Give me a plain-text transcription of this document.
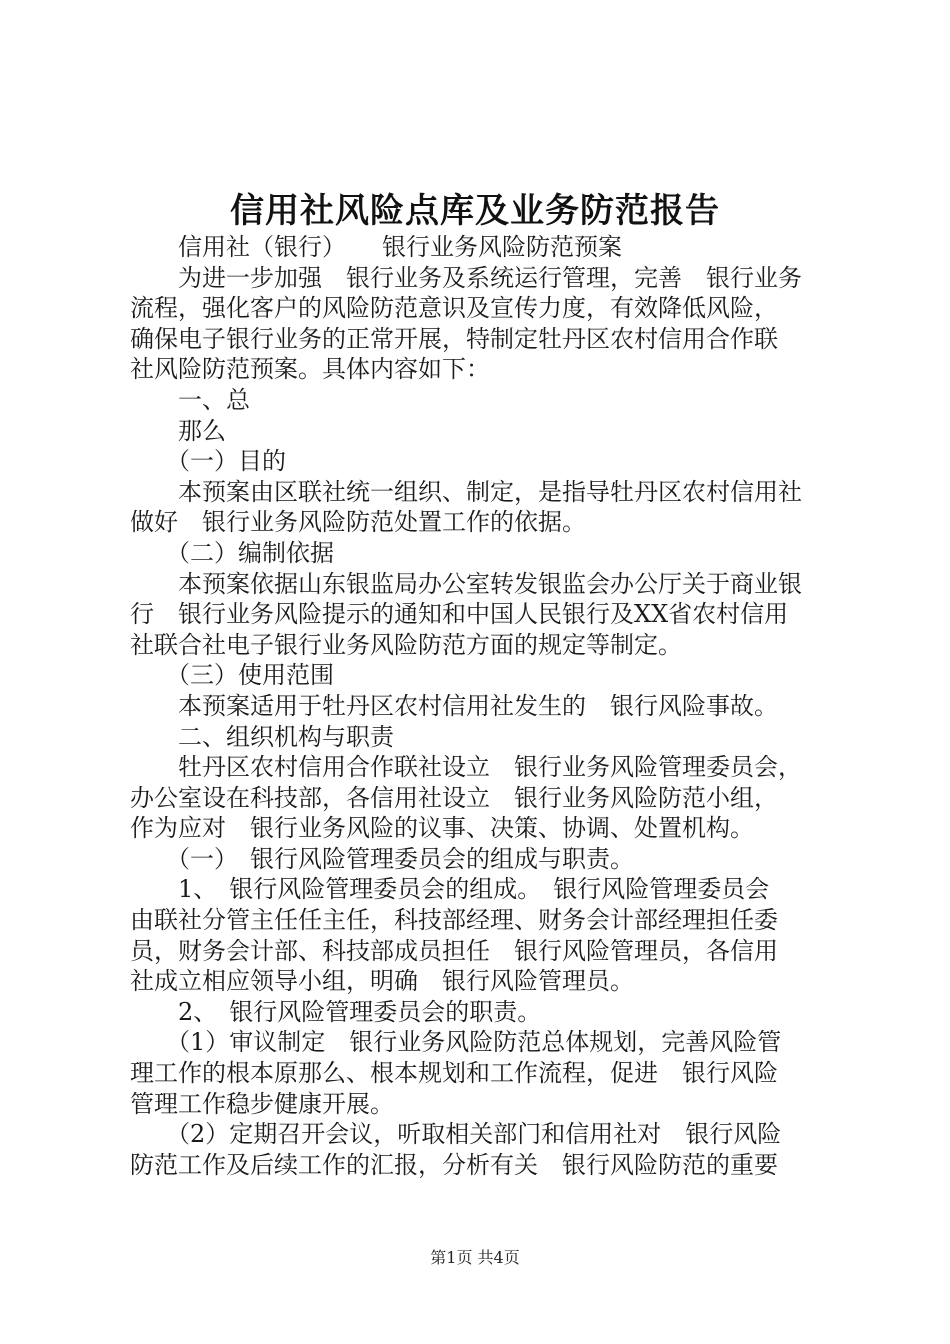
信用社风险点库及业务防范报告
　　信用社（银行）　　银行业务风险防范预案
　　为进一步加强　银行业务及系统运行管理，完善　银行业务
流程，强化客户的风险防范意识及宣传力度，有效降低风险，
确保电子银行业务的正常开展，特制定牡丹区农村信用合作联
社风险防范预案。具体内容如下：
　　一、总
　　那么
　　（一）目的
　　本预案由区联社统一组织、制定，是指导牡丹区农村信用社
做好　银行业务风险防范处置工作的依据。
　　（二）编制依据
　　本预案依据山东银监局办公室转发银监会办公厅关于商业银
行　银行业务风险提示的通知和中国人民银行及XX省农村信用
社联合社电子银行业务风险防范方面的规定等制定。
　　（三）使用范围
　　本预案适用于牡丹区农村信用社发生的　银行风险事故。
　　二、组织机构与职责
　　牡丹区农村信用合作联社设立　银行业务风险管理委员会，
办公室设在科技部，各信用社设立　银行业务风险防范小组，
作为应对　银行业务风险的议事、决策、协调、处置机构。
　　（一）　银行风险管理委员会的组成与职责。
　　1、　银行风险管理委员会的组成。　银行风险管理委员会
由联社分管主任任主任，科技部经理、财务会计部经理担任委
员，财务会计部、科技部成员担任　银行风险管理员，各信用
社成立相应领导小组，明确　银行风险管理员。
　　2、　银行风险管理委员会的职责。
　　（1）审议制定　银行业务风险防范总体规划，完善风险管
理工作的根本原那么、根本规划和工作流程，促进　银行风险
管理工作稳步健康开展。
　　（2）定期召开会议，听取相关部门和信用社对　银行风险
防范工作及后续工作的汇报，分析有关　银行风险防范的重要
第1页 共4页
